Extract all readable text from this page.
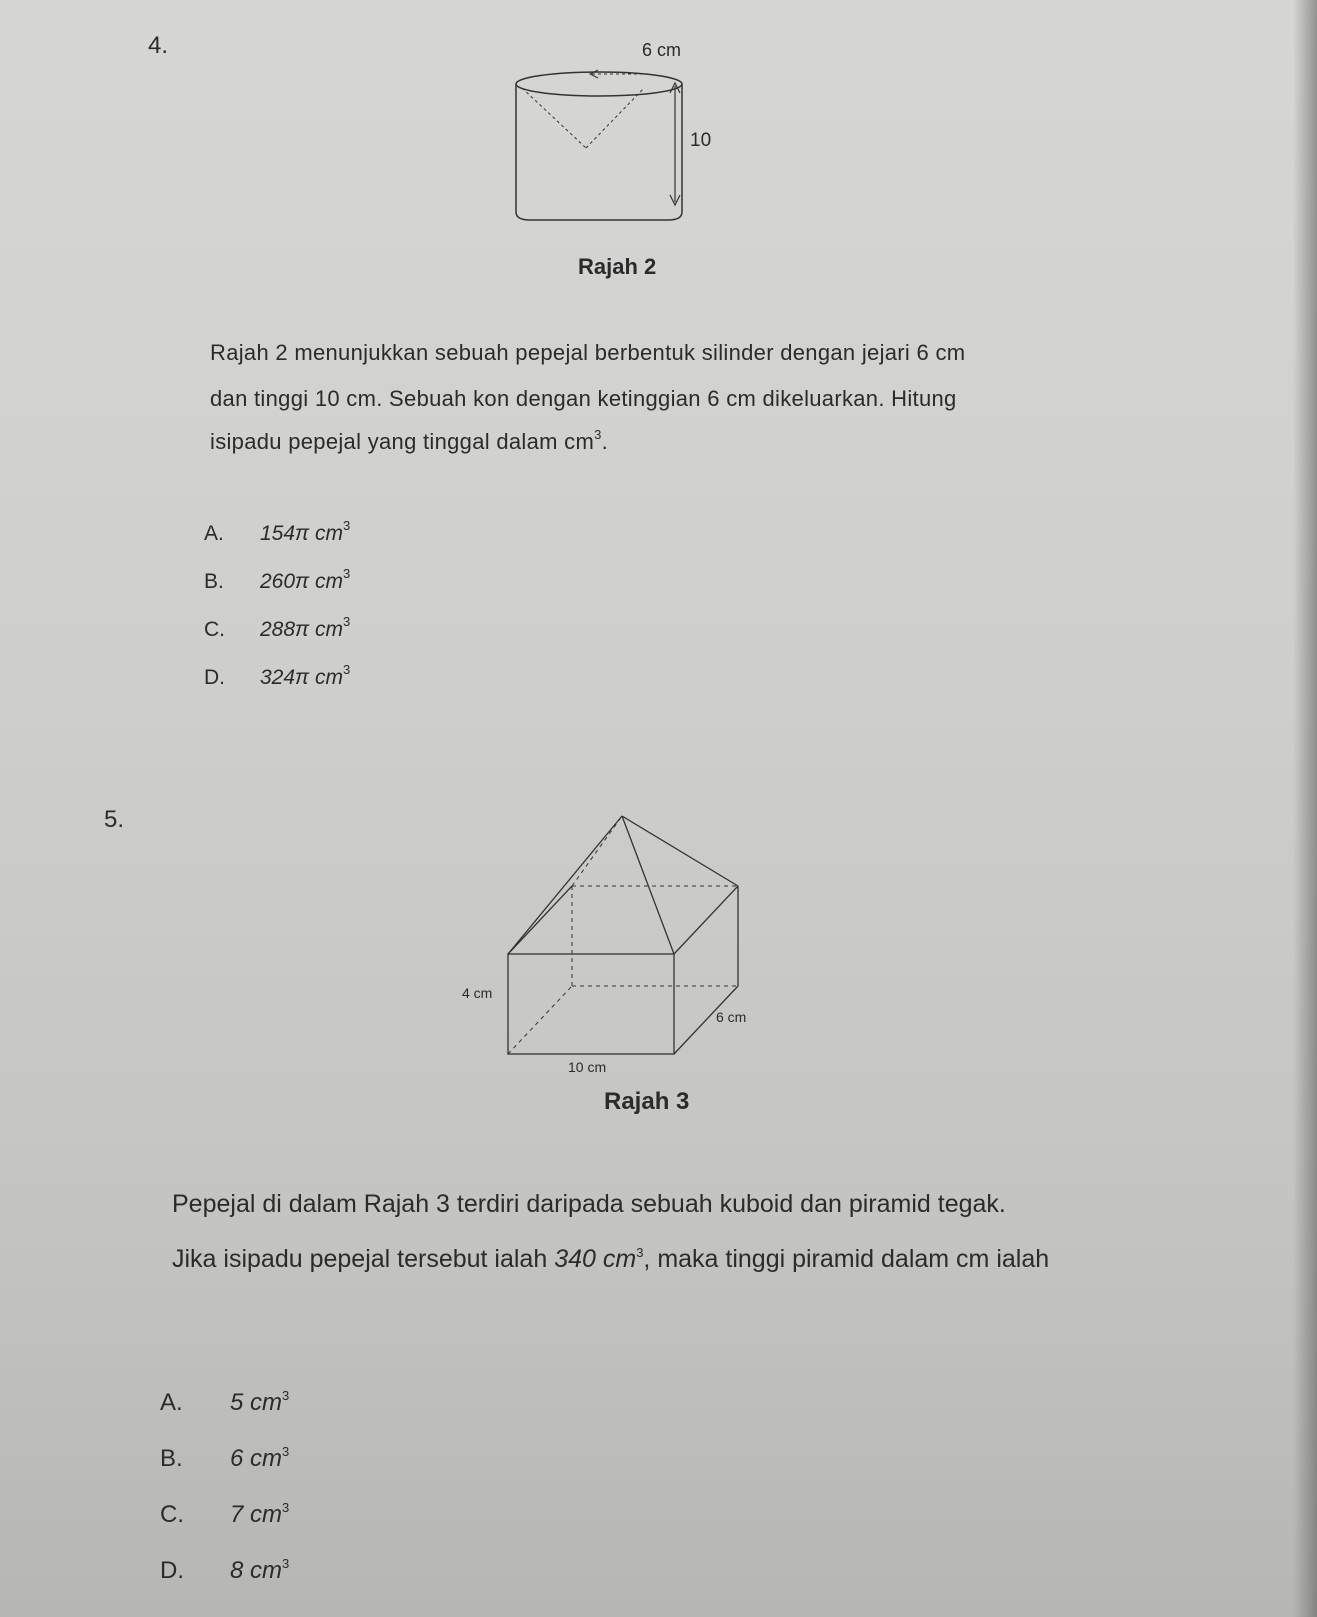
4.	6 cm
10
Rajah 2
Rajah 2 menunjukkan sebuah pepejal berbentuk silinder dengan jejari 6 cm
dan tinggi 10 cm. Sebuah kon dengan ketinggian 6 cm dikeluarkan. Hitung
isipadu pepejal yang tinggal dalam $cm^3$.
A. 154π $cm^3$
B. 260π $cm^3$
C. 288π $cm^3$
D. 324π $cm^3$
5.
4 cm
6 cm
10 cm
Rajah 3
Pepejal di dalam Rajah 3 terdiri daripada sebuah kuboid dan piramid tegak.
Jika isipadu pepejal tersebut ialah 340 $cm^3$, maka tinggi piramid dalam cm ialah
A. 5 $cm^3$
B. 6 $cm^3$
C. 7 $cm^3$
D. 8 $cm^3$
